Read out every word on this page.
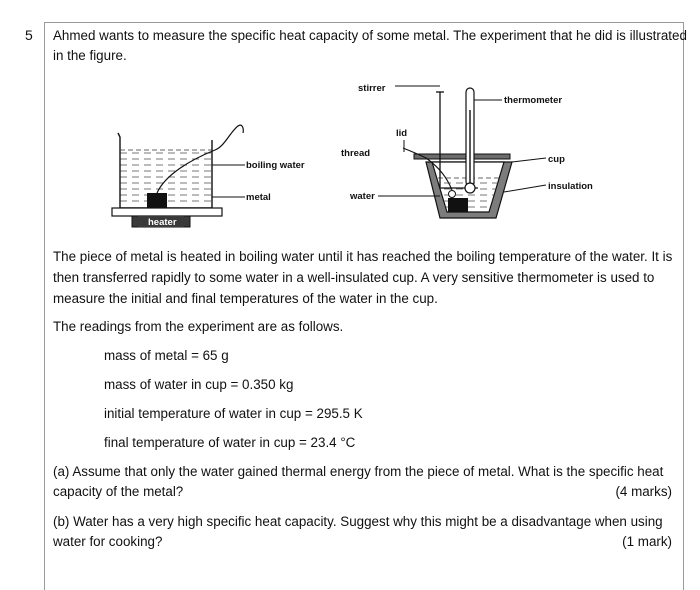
5 Ahmed wants to measure the specific heat capacity of some metal. The experiment that he did is illustrated
in the figure.
boiling water
metal
heater
stirrer
thermometer
lid
thread
cup
insulation
water
The piece of metal is heated in boiling water until it has reached the boiling temperature of the water. It is
then transferred rapidly to some water in a well-insulated cup. A very sensitive thermometer is used to
measure the initial and final temperatures of the water in the cup.
The readings from the experiment are as follows.
mass of metal = 65 g
mass of water in cup = 0.350 kg
initial temperature of water in cup = 295.5 K
final temperature of water in cup = 23.4 °C
(a) Assume that only the water gained thermal energy from the piece of metal. What is the specific heat
capacity of the metal?	(4 marks)
(b) Water has a very high specific heat capacity. Suggest why this might be a disadvantage when using
water for cooking?	(1 mark)
